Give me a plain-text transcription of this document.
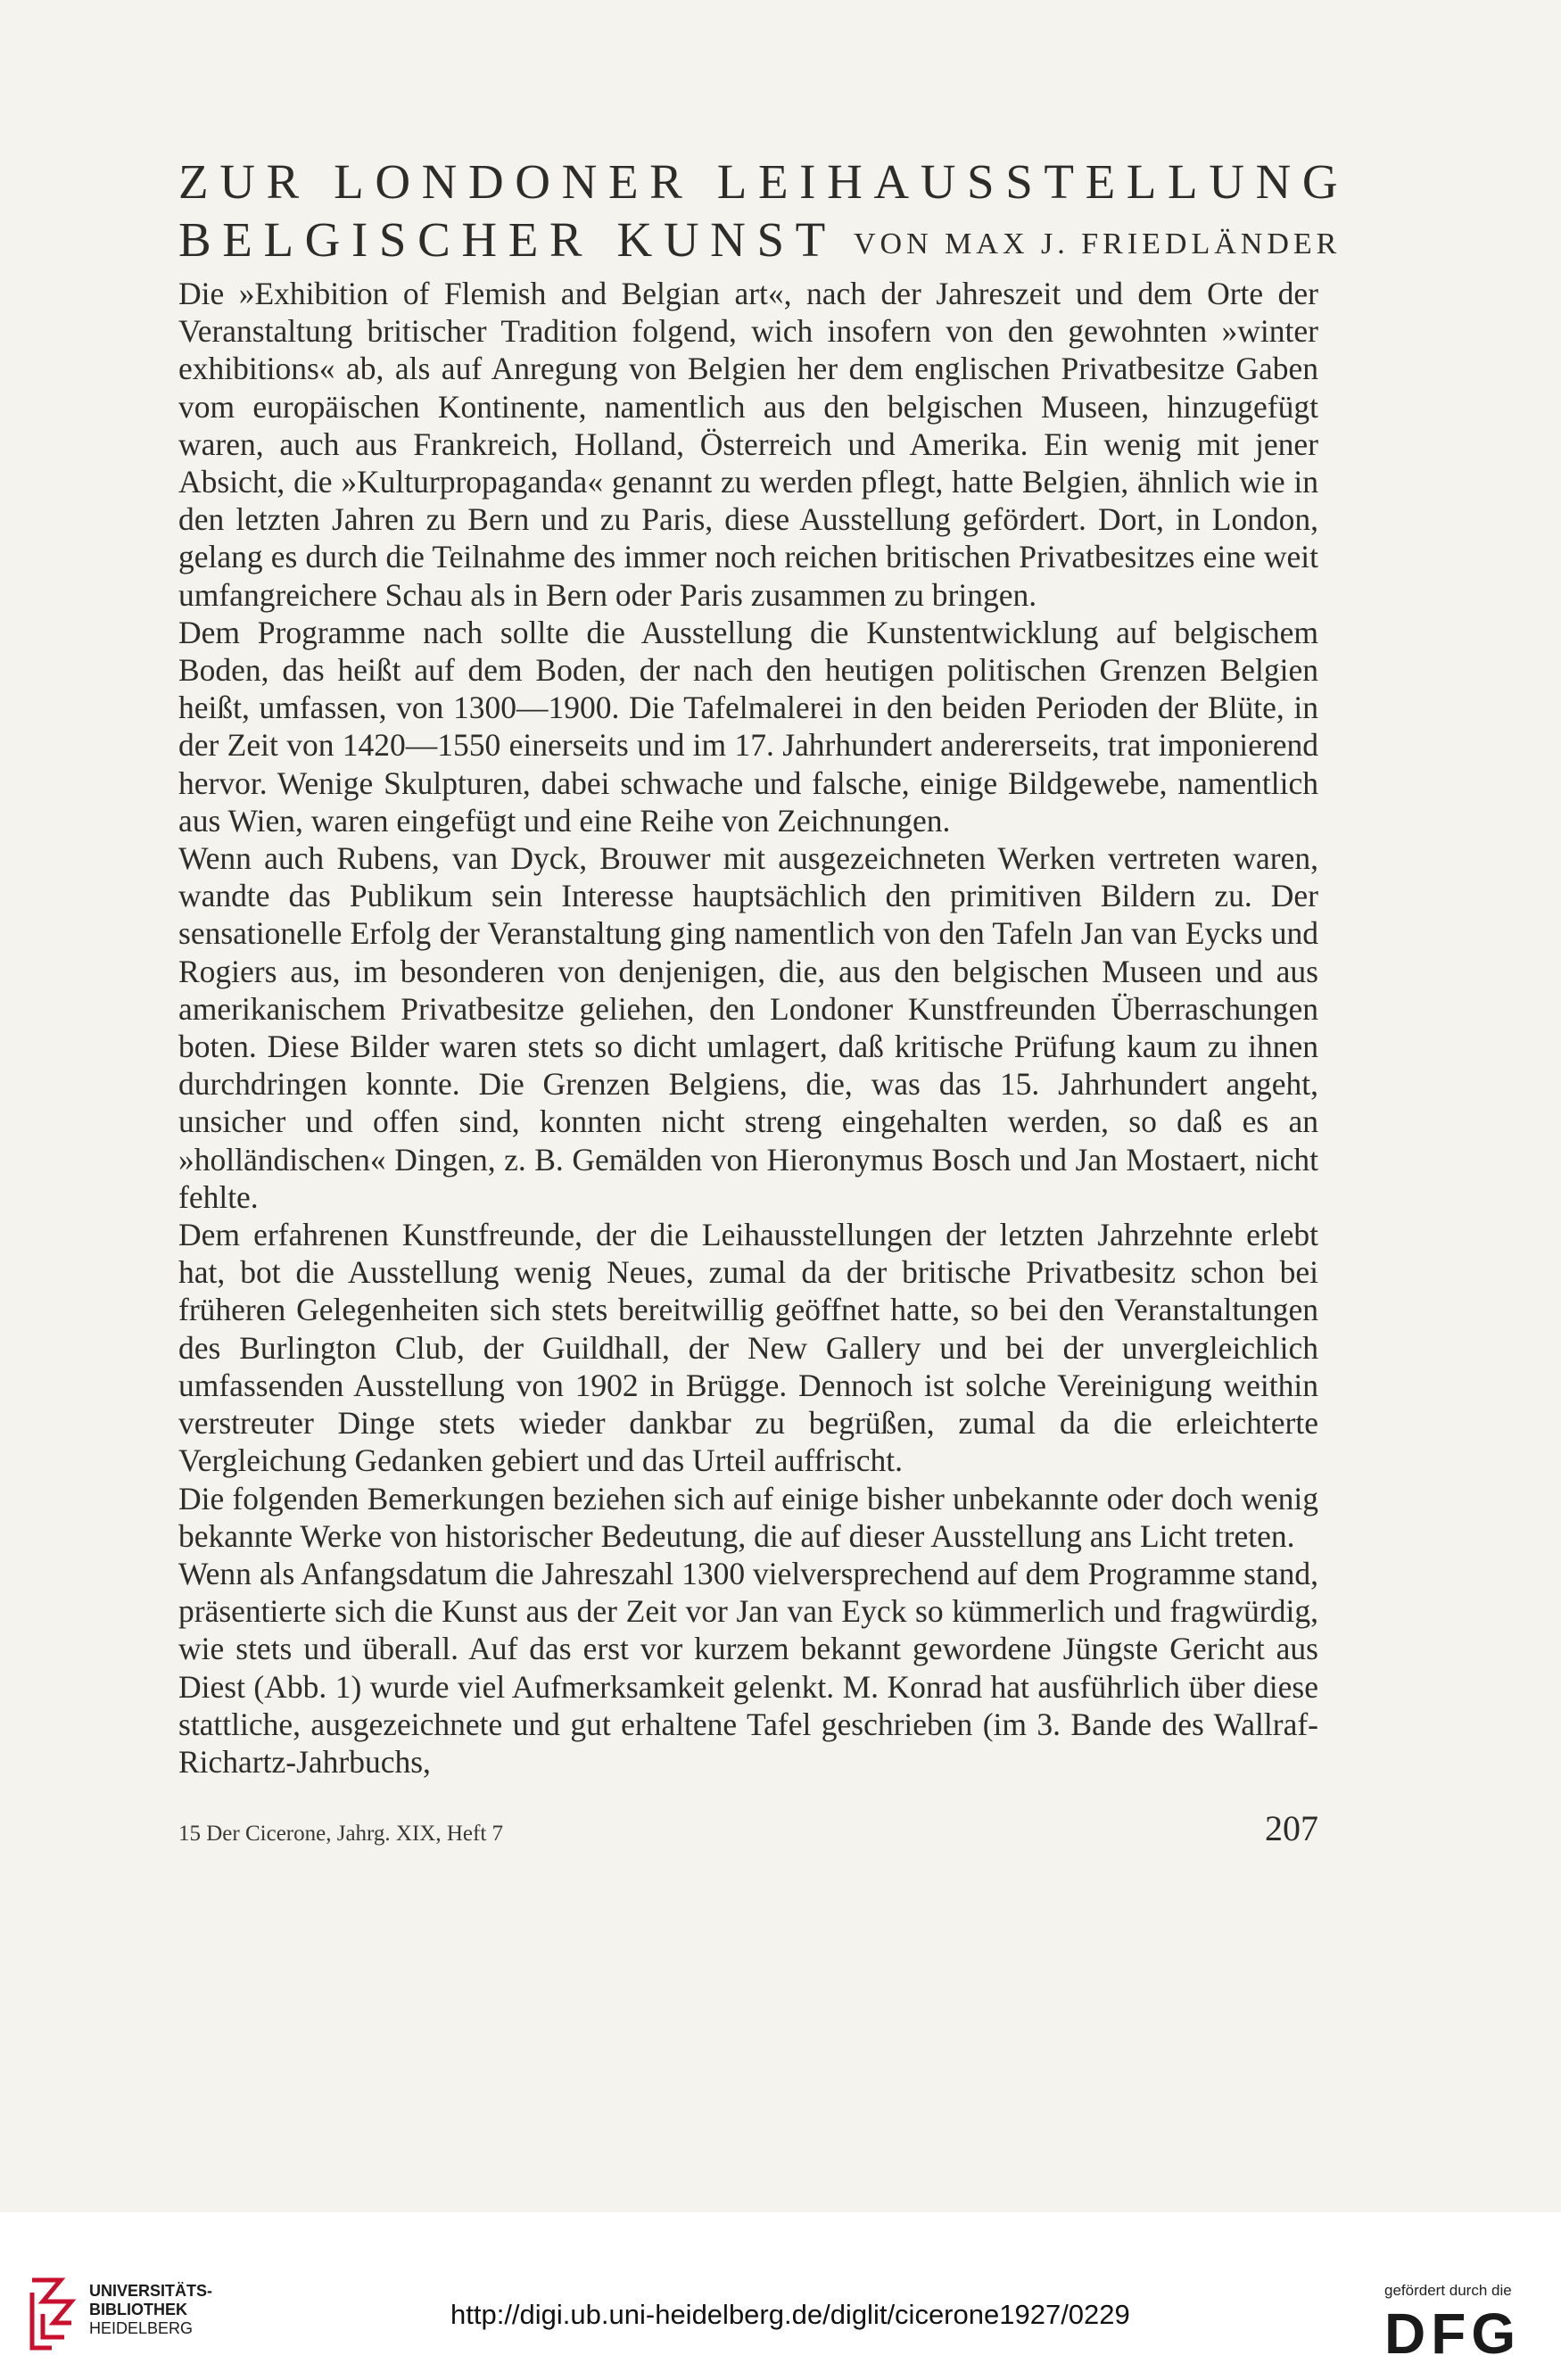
ZUR LONDONER LEIHAUSSTELLUNG
BELGISCHER KUNST VON MAX J. FRIEDLÄNDER

Die »Exhibition of Flemish and Belgian art«, nach der Jahreszeit und dem Orte der Veranstaltung britischer Tradition folgend, wich insofern von den gewohnten »winter exhibitions« ab, als auf Anregung von Belgien her dem englischen Privatbesitze Gaben vom europäischen Kontinente, namentlich aus den belgischen Museen, hinzugefügt waren, auch aus Frankreich, Holland, Österreich und Amerika. Ein wenig mit jener Absicht, die »Kulturpropaganda« genannt zu werden pflegt, hatte Belgien, ähnlich wie in den letzten Jahren zu Bern und zu Paris, diese Ausstellung gefördert. Dort, in London, gelang es durch die Teilnahme des immer noch reichen britischen Privatbesitzes eine weit umfangreichere Schau als in Bern oder Paris zusammen zu bringen.

Dem Programme nach sollte die Ausstellung die Kunstentwicklung auf belgischem Boden, das heißt auf dem Boden, der nach den heutigen politischen Grenzen Belgien heißt, umfassen, von 1300—1900. Die Tafelmalerei in den beiden Perioden der Blüte, in der Zeit von 1420—1550 einerseits und im 17. Jahrhundert andererseits, trat imponierend hervor. Wenige Skulpturen, dabei schwache und falsche, einige Bildgewebe, namentlich aus Wien, waren eingefügt und eine Reihe von Zeichnungen.

Wenn auch Rubens, van Dyck, Brouwer mit ausgezeichneten Werken vertreten waren, wandte das Publikum sein Interesse hauptsächlich den primitiven Bildern zu. Der sensationelle Erfolg der Veranstaltung ging namentlich von den Tafeln Jan van Eycks und Rogiers aus, im besonderen von denjenigen, die, aus den belgischen Museen und aus amerikanischem Privatbesitze geliehen, den Londoner Kunstfreunden Überraschungen boten. Diese Bilder waren stets so dicht umlagert, daß kritische Prüfung kaum zu ihnen durchdringen konnte. Die Grenzen Belgiens, die, was das 15. Jahrhundert angeht, unsicher und offen sind, konnten nicht streng eingehalten werden, so daß es an »holländischen« Dingen, z. B. Gemälden von Hieronymus Bosch und Jan Mostaert, nicht fehlte.

Dem erfahrenen Kunstfreunde, der die Leihausstellungen der letzten Jahrzehnte erlebt hat, bot die Ausstellung wenig Neues, zumal da der britische Privatbesitz schon bei früheren Gelegenheiten sich stets bereitwillig geöffnet hatte, so bei den Veranstaltungen des Burlington Club, der Guildhall, der New Gallery und bei der unvergleichlich umfassenden Ausstellung von 1902 in Brügge. Dennoch ist solche Vereinigung weithin verstreuter Dinge stets wieder dankbar zu begrüßen, zumal da die erleichterte Vergleichung Gedanken gebiert und das Urteil auffrischt.

Die folgenden Bemerkungen beziehen sich auf einige bisher unbekannte oder doch wenig bekannte Werke von historischer Bedeutung, die auf dieser Ausstellung ans Licht treten.

Wenn als Anfangsdatum die Jahreszahl 1300 vielversprechend auf dem Programme stand, präsentierte sich die Kunst aus der Zeit vor Jan van Eyck so kümmerlich und fragwürdig, wie stets und überall. Auf das erst vor kurzem bekannt gewordene Jüngste Gericht aus Diest (Abb. 1) wurde viel Aufmerksamkeit gelenkt. M. Konrad hat ausführlich über diese stattliche, ausgezeichnete und gut erhaltene Tafel geschrieben (im 3. Bande des Wallraf-Richartz-Jahrbuchs,

15 Der Cicerone, Jahrg. XIX, Heft 7	207
UNIVERSITÄTS-
BIBLIOTHEK
HEIDELBERG	http://digi.ub.uni-heidelberg.de/diglit/cicerone1927/0229
gefördert durch die
DFG
